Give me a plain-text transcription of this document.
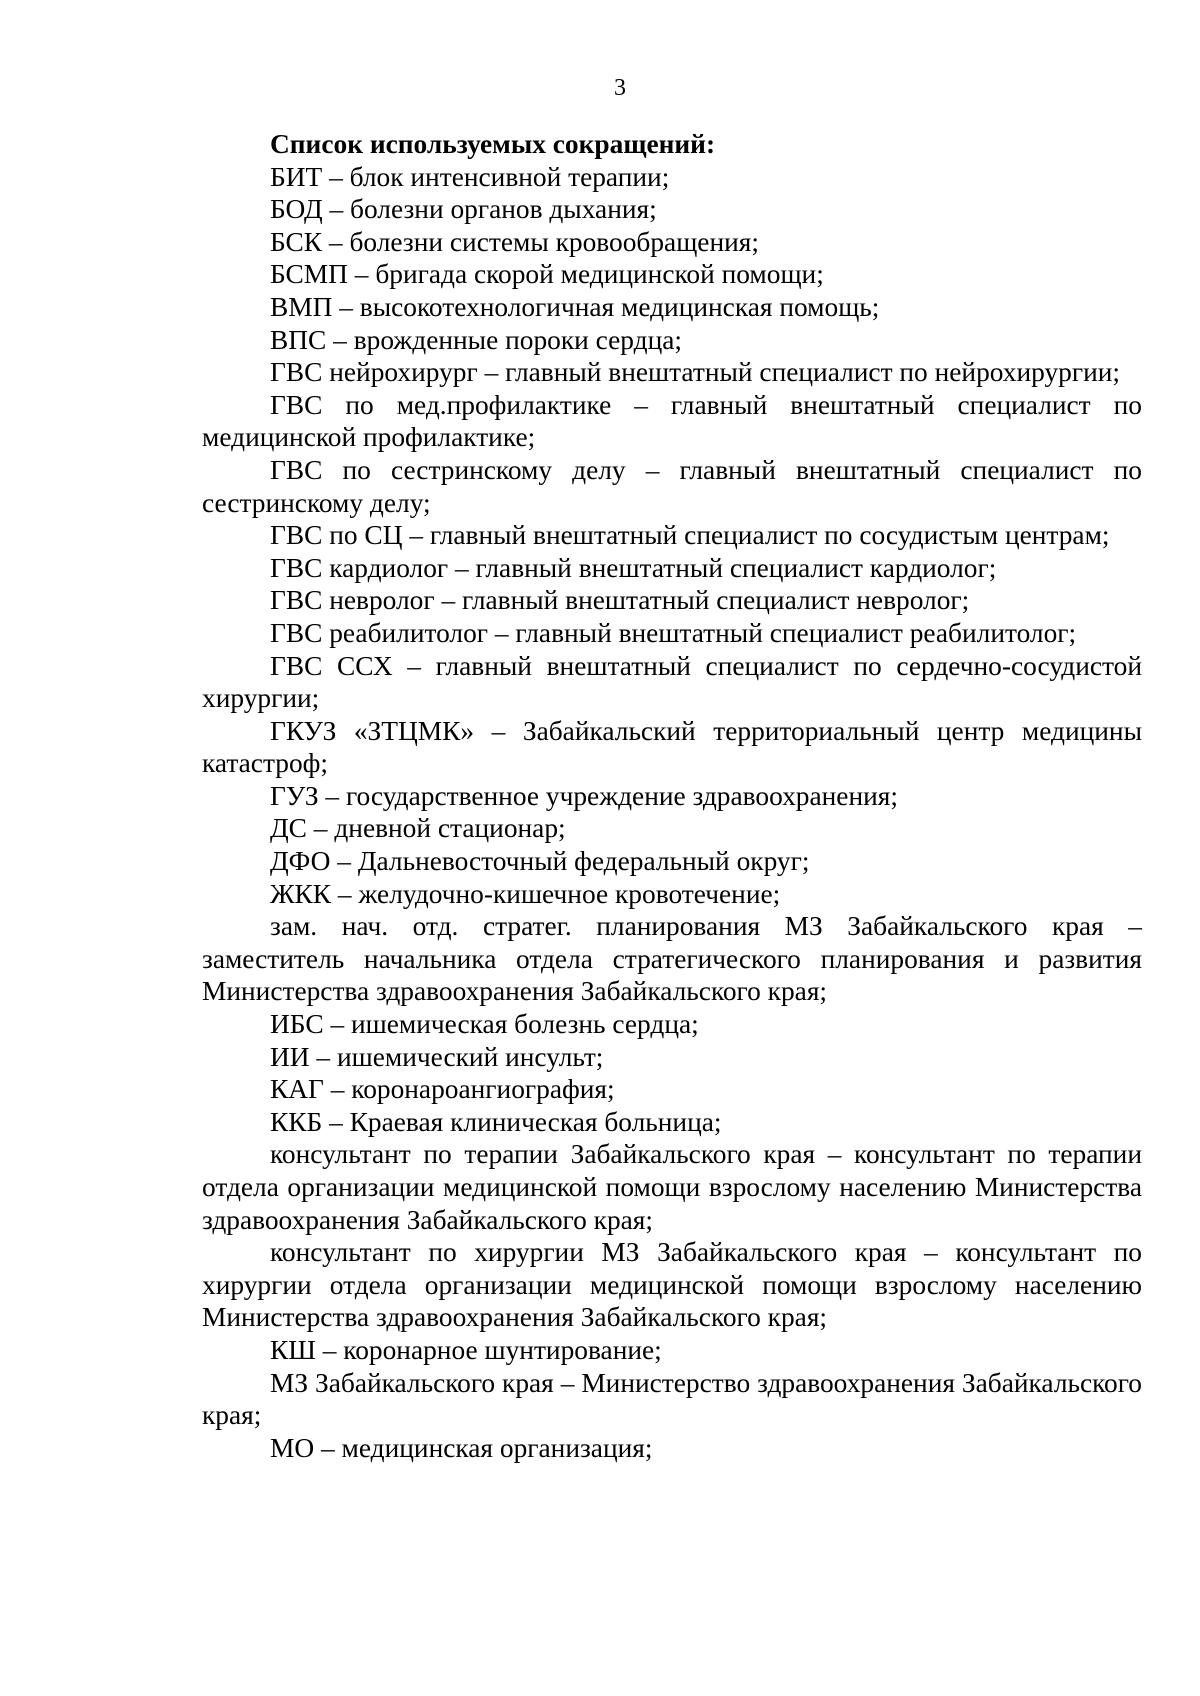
3

Список используемых сокращений:

БИТ – блок интенсивной терапии;
БОД – болезни органов дыхания;
БСК – болезни системы кровообращения;
БСМП – бригада скорой медицинской помощи;
ВМП – высокотехнологичная медицинская помощь;
ВПС – врожденные пороки сердца;
ГВС нейрохирург – главный внештатный специалист по нейрохирургии;
ГВС по мед.профилактике – главный внештатный специалист по медицинской профилактике;
ГВС по сестринскому делу – главный внештатный специалист по сестринскому делу;
ГВС по СЦ – главный внештатный специалист по сосудистым центрам;
ГВС кардиолог – главный внештатный специалист кардиолог;
ГВС невролог – главный внештатный специалист невролог;
ГВС реабилитолог – главный внештатный специалист реабилитолог;
ГВС ССХ – главный внештатный специалист по сердечно-сосудистой хирургии;
ГКУЗ «ЗТЦМК» – Забайкальский территориальный центр медицины катастроф;
ГУЗ – государственное учреждение здравоохранения;
ДС – дневной стационар;
ДФО – Дальневосточный федеральный округ;
ЖКК – желудочно-кишечное кровотечение;
зам. нач. отд. стратег. планирования МЗ Забайкальского края – заместитель начальника отдела стратегического планирования и развития Министерства здравоохранения Забайкальского края;
ИБС – ишемическая болезнь сердца;
ИИ – ишемический инсульт;
КАГ – коронароангиография;
ККБ – Краевая клиническая больница;
консультант по терапии Забайкальского края – консультант по терапии отдела организации медицинской помощи взрослому населению Министерства здравоохранения Забайкальского края;
консультант по хирургии МЗ Забайкальского края – консультант по хирургии отдела организации медицинской помощи взрослому населению Министерства здравоохранения Забайкальского края;
КШ – коронарное шунтирование;
МЗ Забайкальского края – Министерство здравоохранения Забайкальского края;
МО – медицинская организация;
